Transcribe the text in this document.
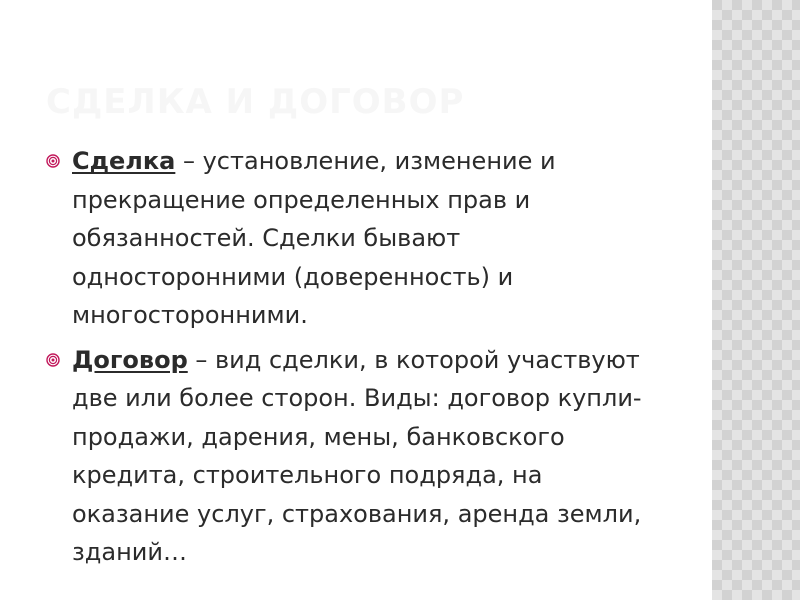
СДЕЛКА И ДОГОВОР
Сделка – установление, изменение и прекращение определенных прав и обязанностей. Сделки бывают односторонними (доверенность) и многосторонними.
Договор – вид сделки, в которой участвуют две или более сторон. Виды: договор купли-продажи, дарения, мены, банковского кредита, строительного подряда, на оказание услуг, страхования, аренда земли, зданий…
